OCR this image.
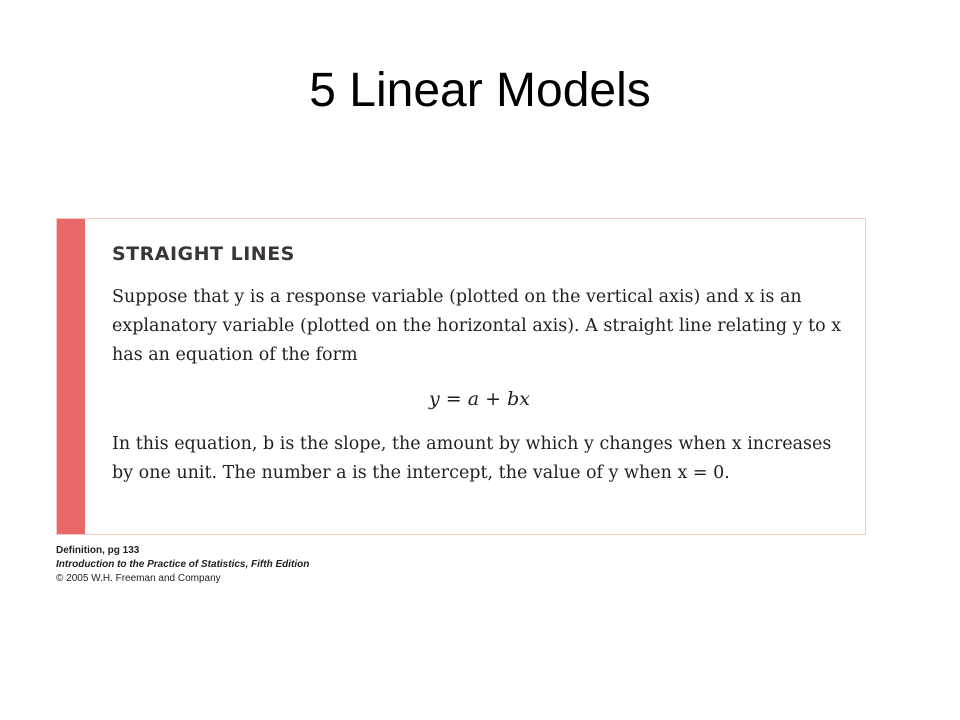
5 Linear Models
STRAIGHT LINES

Suppose that y is a response variable (plotted on the vertical axis) and x is an explanatory variable (plotted on the horizontal axis). A straight line relating y to x has an equation of the form

y = a + bx

In this equation, b is the slope, the amount by which y changes when x increases by one unit. The number a is the intercept, the value of y when x = 0.

Definition, pg 133
Introduction to the Practice of Statistics, Fifth Edition
© 2005 W.H. Freeman and Company
